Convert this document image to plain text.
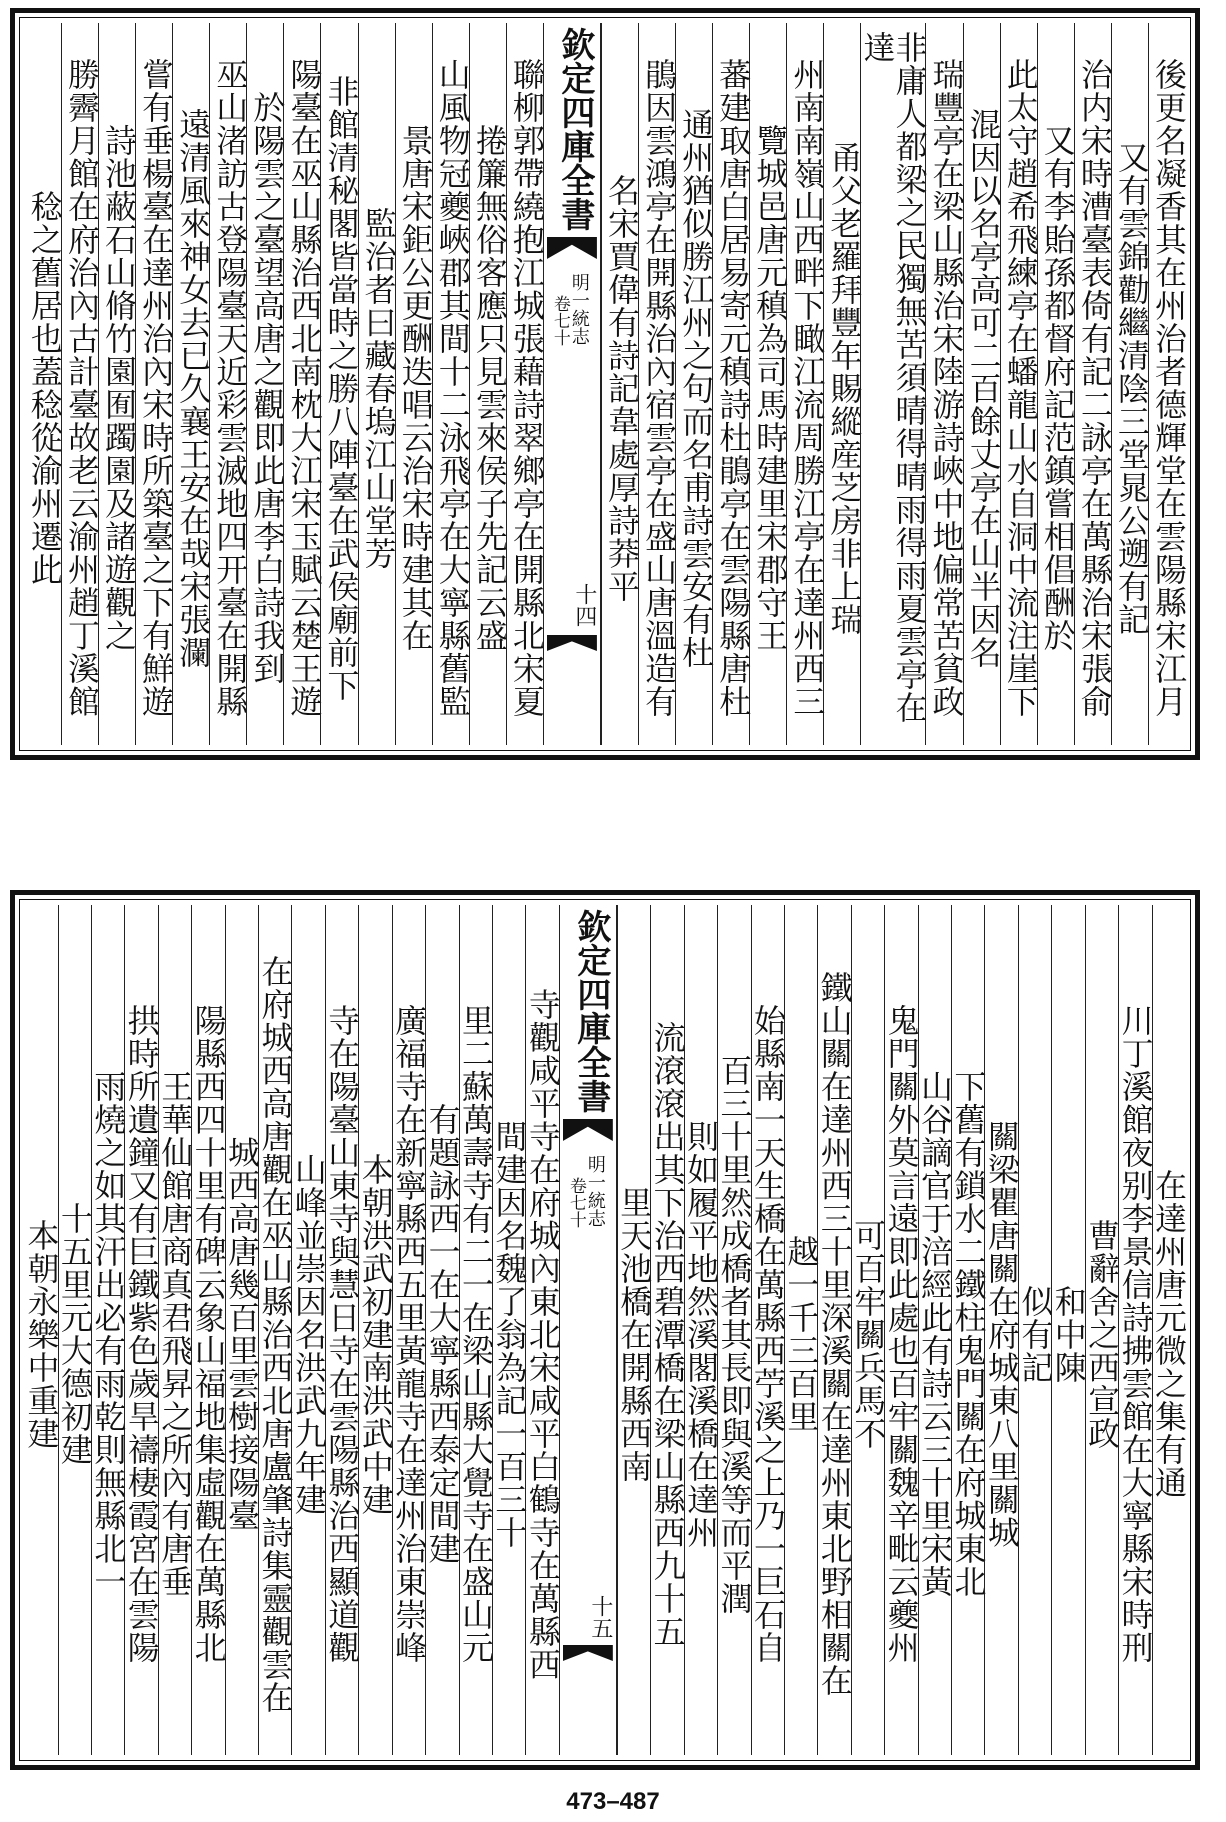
後更名凝香其在州治者德輝堂在雲陽縣宋江月
又有雲錦勸繼清陰三堂晁公遡有記
治内宋時漕臺表倚有記二詠亭在萬縣治宋張俞
又有李貽孫都督府記范鎮嘗相倡酬於
此太守趙希飛練亭在蟠龍山水自洞中流注崖下
混因以名亭高可二百餘丈亭在山半因名
瑞豐亭在梁山縣治宋陸游詩峽中地偏常苦貧政
非庸人都梁之民獨無苦須晴得晴雨得雨夏雲亭在達
甬父老羅拜豐年賜縱産芝房非上瑞
州南南嶺山西畔下瞰江流周勝江亭在達州西三
覽城邑唐元稹為司馬時建里宋郡守王
蕃建取唐白居易寄元稹詩杜鵑亭在雲陽縣唐杜
通州猶似勝江州之句而名甫詩雲安有杜
鵑因雲鴻亭在開縣治內宿雲亭在盛山唐溫造有
名宋賈偉有詩記韋處厚詩莽平
欽定四庫全書
明一統志
卷七十
十四
聯柳郭帶繞抱江城張藉詩翠鄉亭在開縣北宋夏
捲簾無俗客應只見雲來侯子先記云盛
山風物冠夔峽郡其間十二泳飛亭在大寧縣舊監
景唐宋鉅公更酬迭唱云治宋時建其在
監治者曰藏春塢江山堂芳
非館清秘閣皆當時之勝八陣臺在武侯廟前下
陽臺在巫山縣治西北南枕大江宋玉賦云楚王遊
於陽雲之臺望高唐之觀即此唐李白詩我到
巫山渚訪古登陽臺天近彩雲滅地四开臺在開縣
遠清風來神女去已久襄王安在哉宋張瀾
嘗有垂楊臺在達州治內宋時所築臺之下有鮮遊
詩池蔽石山脩竹園囿躅園及諸遊觀之
勝霽月館在府治內古計臺故老云渝州趙丁溪館
稔之舊居也蓋稔從渝州遷此
在達州唐元微之集有通
川丁溪館夜别李景信詩拂雲館在大寧縣宋時刑
曹辭舍之西宣政
和中陳
似有記
關梁瞿唐關在府城東八里關城
下舊有鎖水二鐵柱鬼門關在府城東北
山谷謫官于涪經此有詩云三十里宋黃
鬼門關外莫言遠即此處也百牢關魏辛毗云夔州
可百牢關兵馬不
鐵山關在達州西三十里深溪關在達州東北野相關在
越一千三百里
始縣南一天生橋在萬縣西苧溪之上乃一巨石自
百三十里然成橋者其長即與溪等而平潤
則如履平地然溪閣溪橋在達州
流滾滾出其下治西碧潭橋在梁山縣西九十五
里天池橋在開縣西南
欽定四庫全書
明一統志
卷七十
十五
寺觀咸平寺在府城內東北宋咸平白鶴寺在萬縣西
間建因名魏了翁為記一百三十
里二蘇萬壽寺有二一在梁山縣大覺寺在盛山元
有題詠西一在大寧縣西泰定間建
廣福寺在新寧縣西五里黃龍寺在達州治東崇峰
本朝洪武初建南洪武中建
寺在陽臺山東寺與慧日寺在雲陽縣治西顯道觀
山峰並崇因名洪武九年建
在府城西高唐觀在巫山縣治西北唐盧肇詩集靈觀雲在
城西高唐幾百里雲樹接陽臺
陽縣西四十里有碑云象山福地集虛觀在萬縣北
王華仙館唐商真君飛昇之所內有唐垂
拱時所遺鐘又有巨鐵紫色歲旱禱棲霞宮在雲陽
雨燒之如其汗出必有雨乾則無縣北一
十五里元大德初建
本朝永樂中重建
473–487
